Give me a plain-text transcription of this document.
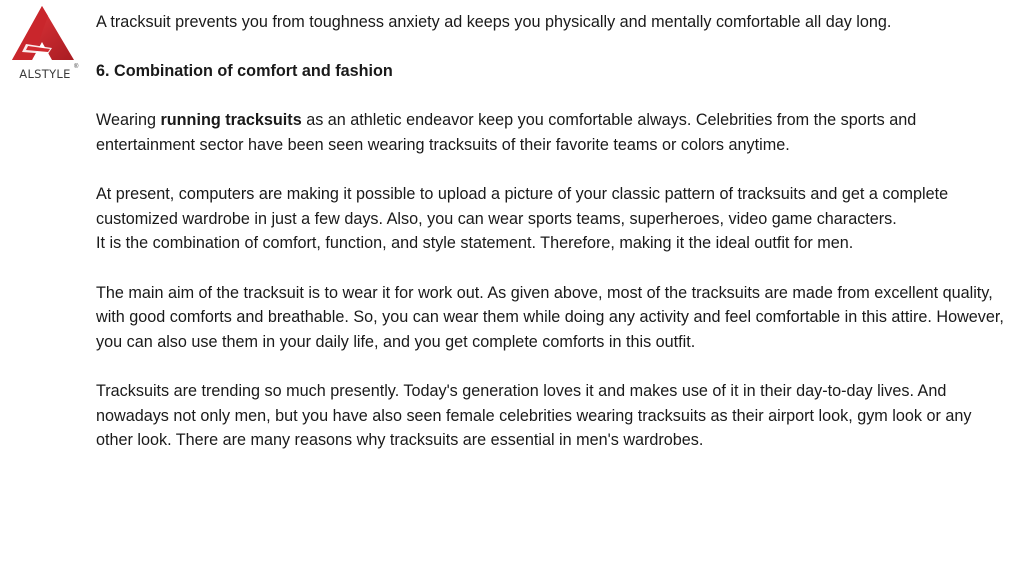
ALSTYLE ®

A tracksuit prevents you from toughness anxiety ad keeps you physically and mentally comfortable all day long.

6. Combination of comfort and fashion

Wearing running tracksuits as an athletic endeavor keep you comfortable always. Celebrities from the sports and entertainment sector have been seen wearing tracksuits of their favorite teams or colors anytime.

At present, computers are making it possible to upload a picture of your classic pattern of tracksuits and get a complete customized wardrobe in just a few days. Also, you can wear sports teams, superheroes, video game characters.

It is the combination of comfort, function, and style statement. Therefore, making it the ideal outfit for men.

The main aim of the tracksuit is to wear it for work out. As given above, most of the tracksuits are made from excellent quality, with good comforts and breathable. So, you can wear them while doing any activity and feel comfortable in this attire. However, you can also use them in your daily life, and you get complete comforts in this outfit.

Tracksuits are trending so much presently. Today's generation loves it and makes use of it in their day-to-day lives. And nowadays not only men, but you have also seen female celebrities wearing tracksuits as their airport look, gym look or any other look. There are many reasons why tracksuits are essential in men's wardrobes.
